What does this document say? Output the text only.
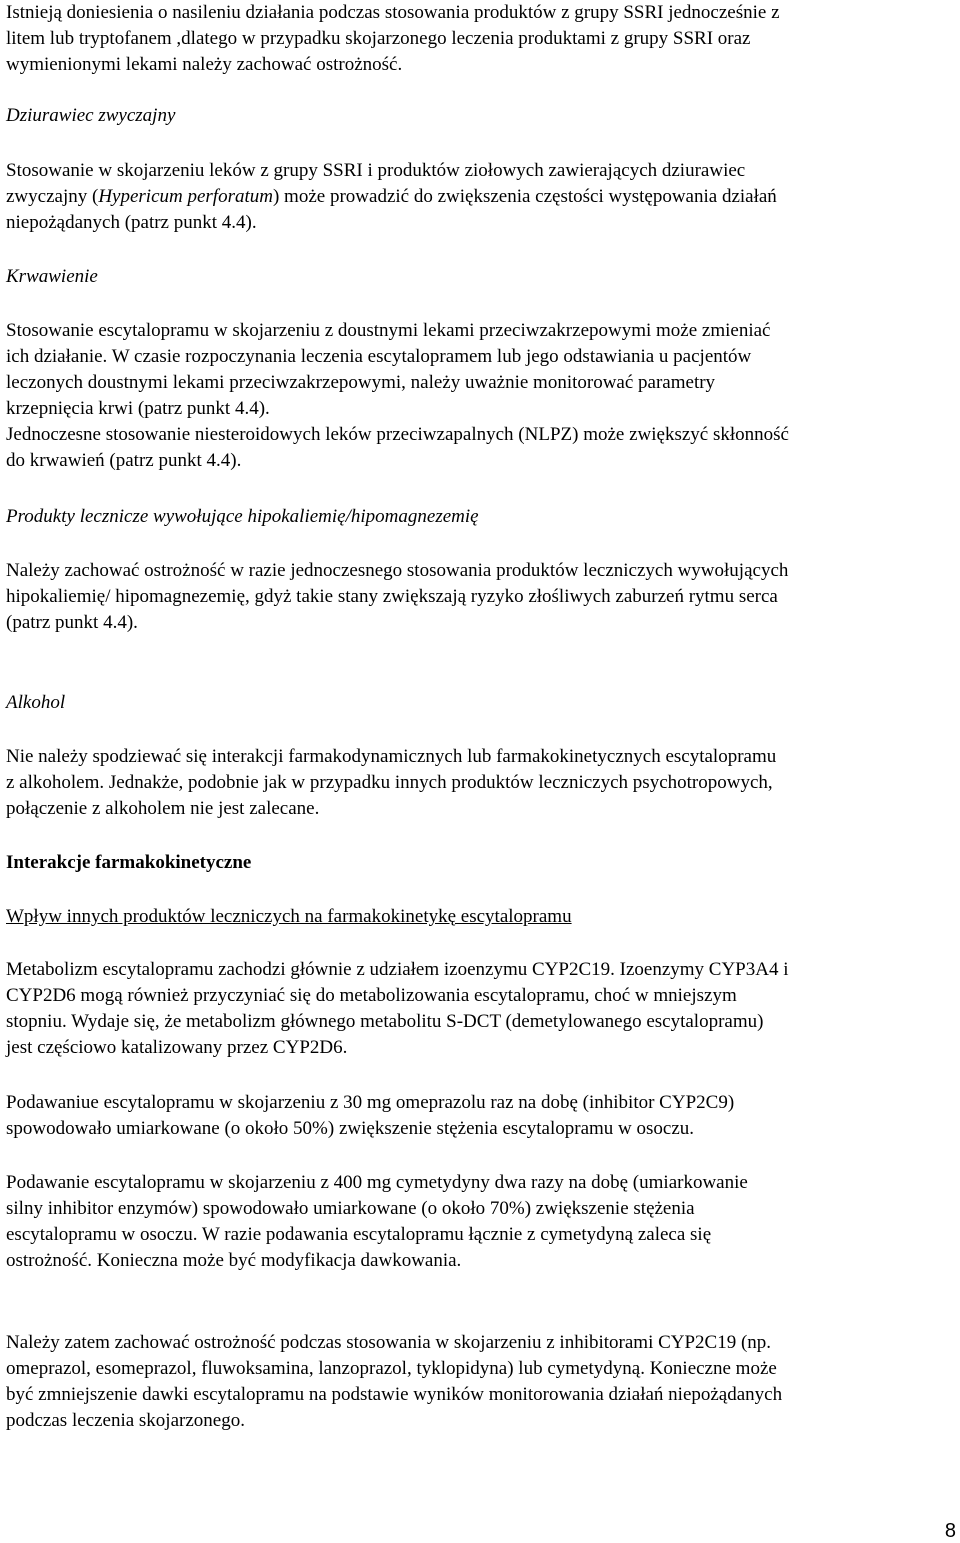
Istnieją doniesienia o nasileniu działania podczas stosowania produktów z grupy SSRI jednocześnie z
litem lub tryptofanem ,dlatego w przypadku skojarzonego leczenia produktami z grupy SSRI oraz
wymienionymi lekami należy zachować ostrożność.

Dziurawiec zwyczajny

Stosowanie w skojarzeniu leków z grupy SSRI i produktów ziołowych zawierających dziurawiec
zwyczajny (Hypericum perforatum) może prowadzić do zwiększenia częstości występowania działań
niepożądanych (patrz punkt 4.4).

Krwawienie

Stosowanie escytalopramu w skojarzeniu z doustnymi lekami przeciwzakrzepowymi może zmieniać
ich działanie. W czasie rozpoczynania leczenia escytalopramem lub jego odstawiania u pacjentów
leczonych doustnymi lekami przeciwzakrzepowymi, należy uważnie monitorować parametry
krzepnięcia krwi (patrz punkt 4.4).
Jednoczesne stosowanie niesteroidowych leków przeciwzapalnych (NLPZ) może zwiększyć skłonność
do krwawień (patrz punkt 4.4).

Produkty lecznicze wywołujące hipokaliemię/hipomagnezemię

Należy zachować ostrożność w razie jednoczesnego stosowania produktów leczniczych wywołujących
hipokaliemię/ hipomagnezemię, gdyż takie stany zwiększają ryzyko złośliwych zaburzeń rytmu serca
(patrz punkt 4.4).

Alkohol

Nie należy spodziewać się interakcji farmakodynamicznych lub farmakokinetycznych escytalopramu
z alkoholem. Jednakże, podobnie jak w przypadku innych produktów leczniczych psychotropowych,
połączenie z alkoholem nie jest zalecane.

Interakcje farmakokinetyczne

Wpływ innych produktów leczniczych na farmakokinetykę escytalopramu

Metabolizm escytalopramu zachodzi głównie z udziałem izoenzymu CYP2C19. Izoenzymy CYP3A4 i
CYP2D6 mogą również przyczyniać się do metabolizowania escytalopramu, choć w mniejszym
stopniu. Wydaje się, że metabolizm głównego metabolitu S-DCT (demetylowanego escytalopramu)
jest częściowo katalizowany przez CYP2D6.

Podawaniue escytalopramu w skojarzeniu z 30 mg omeprazolu raz na dobę (inhibitor CYP2C9)
spowodowało umiarkowane (o około 50%) zwiększenie stężenia escytalopramu w osoczu.

Podawanie escytalopramu w skojarzeniu z 400 mg cymetydyny dwa razy na dobę (umiarkowanie
silny inhibitor enzymów) spowodowało umiarkowane (o około 70%) zwiększenie stężenia
escytalopramu w osoczu. W razie podawania escytalopramu łącznie z cymetydyną zaleca się
ostrożność. Konieczna może być modyfikacja dawkowania.

Należy zatem zachować ostrożność podczas stosowania w skojarzeniu z inhibitorami CYP2C19 (np.
omeprazol, esomeprazol, fluwoksamina, lanzoprazol, tyklopidyna) lub cymetydyną. Konieczne może
być zmniejszenie dawki escytalopramu na podstawie wyników monitorowania działań niepożądanych
podczas leczenia skojarzonego.

8
